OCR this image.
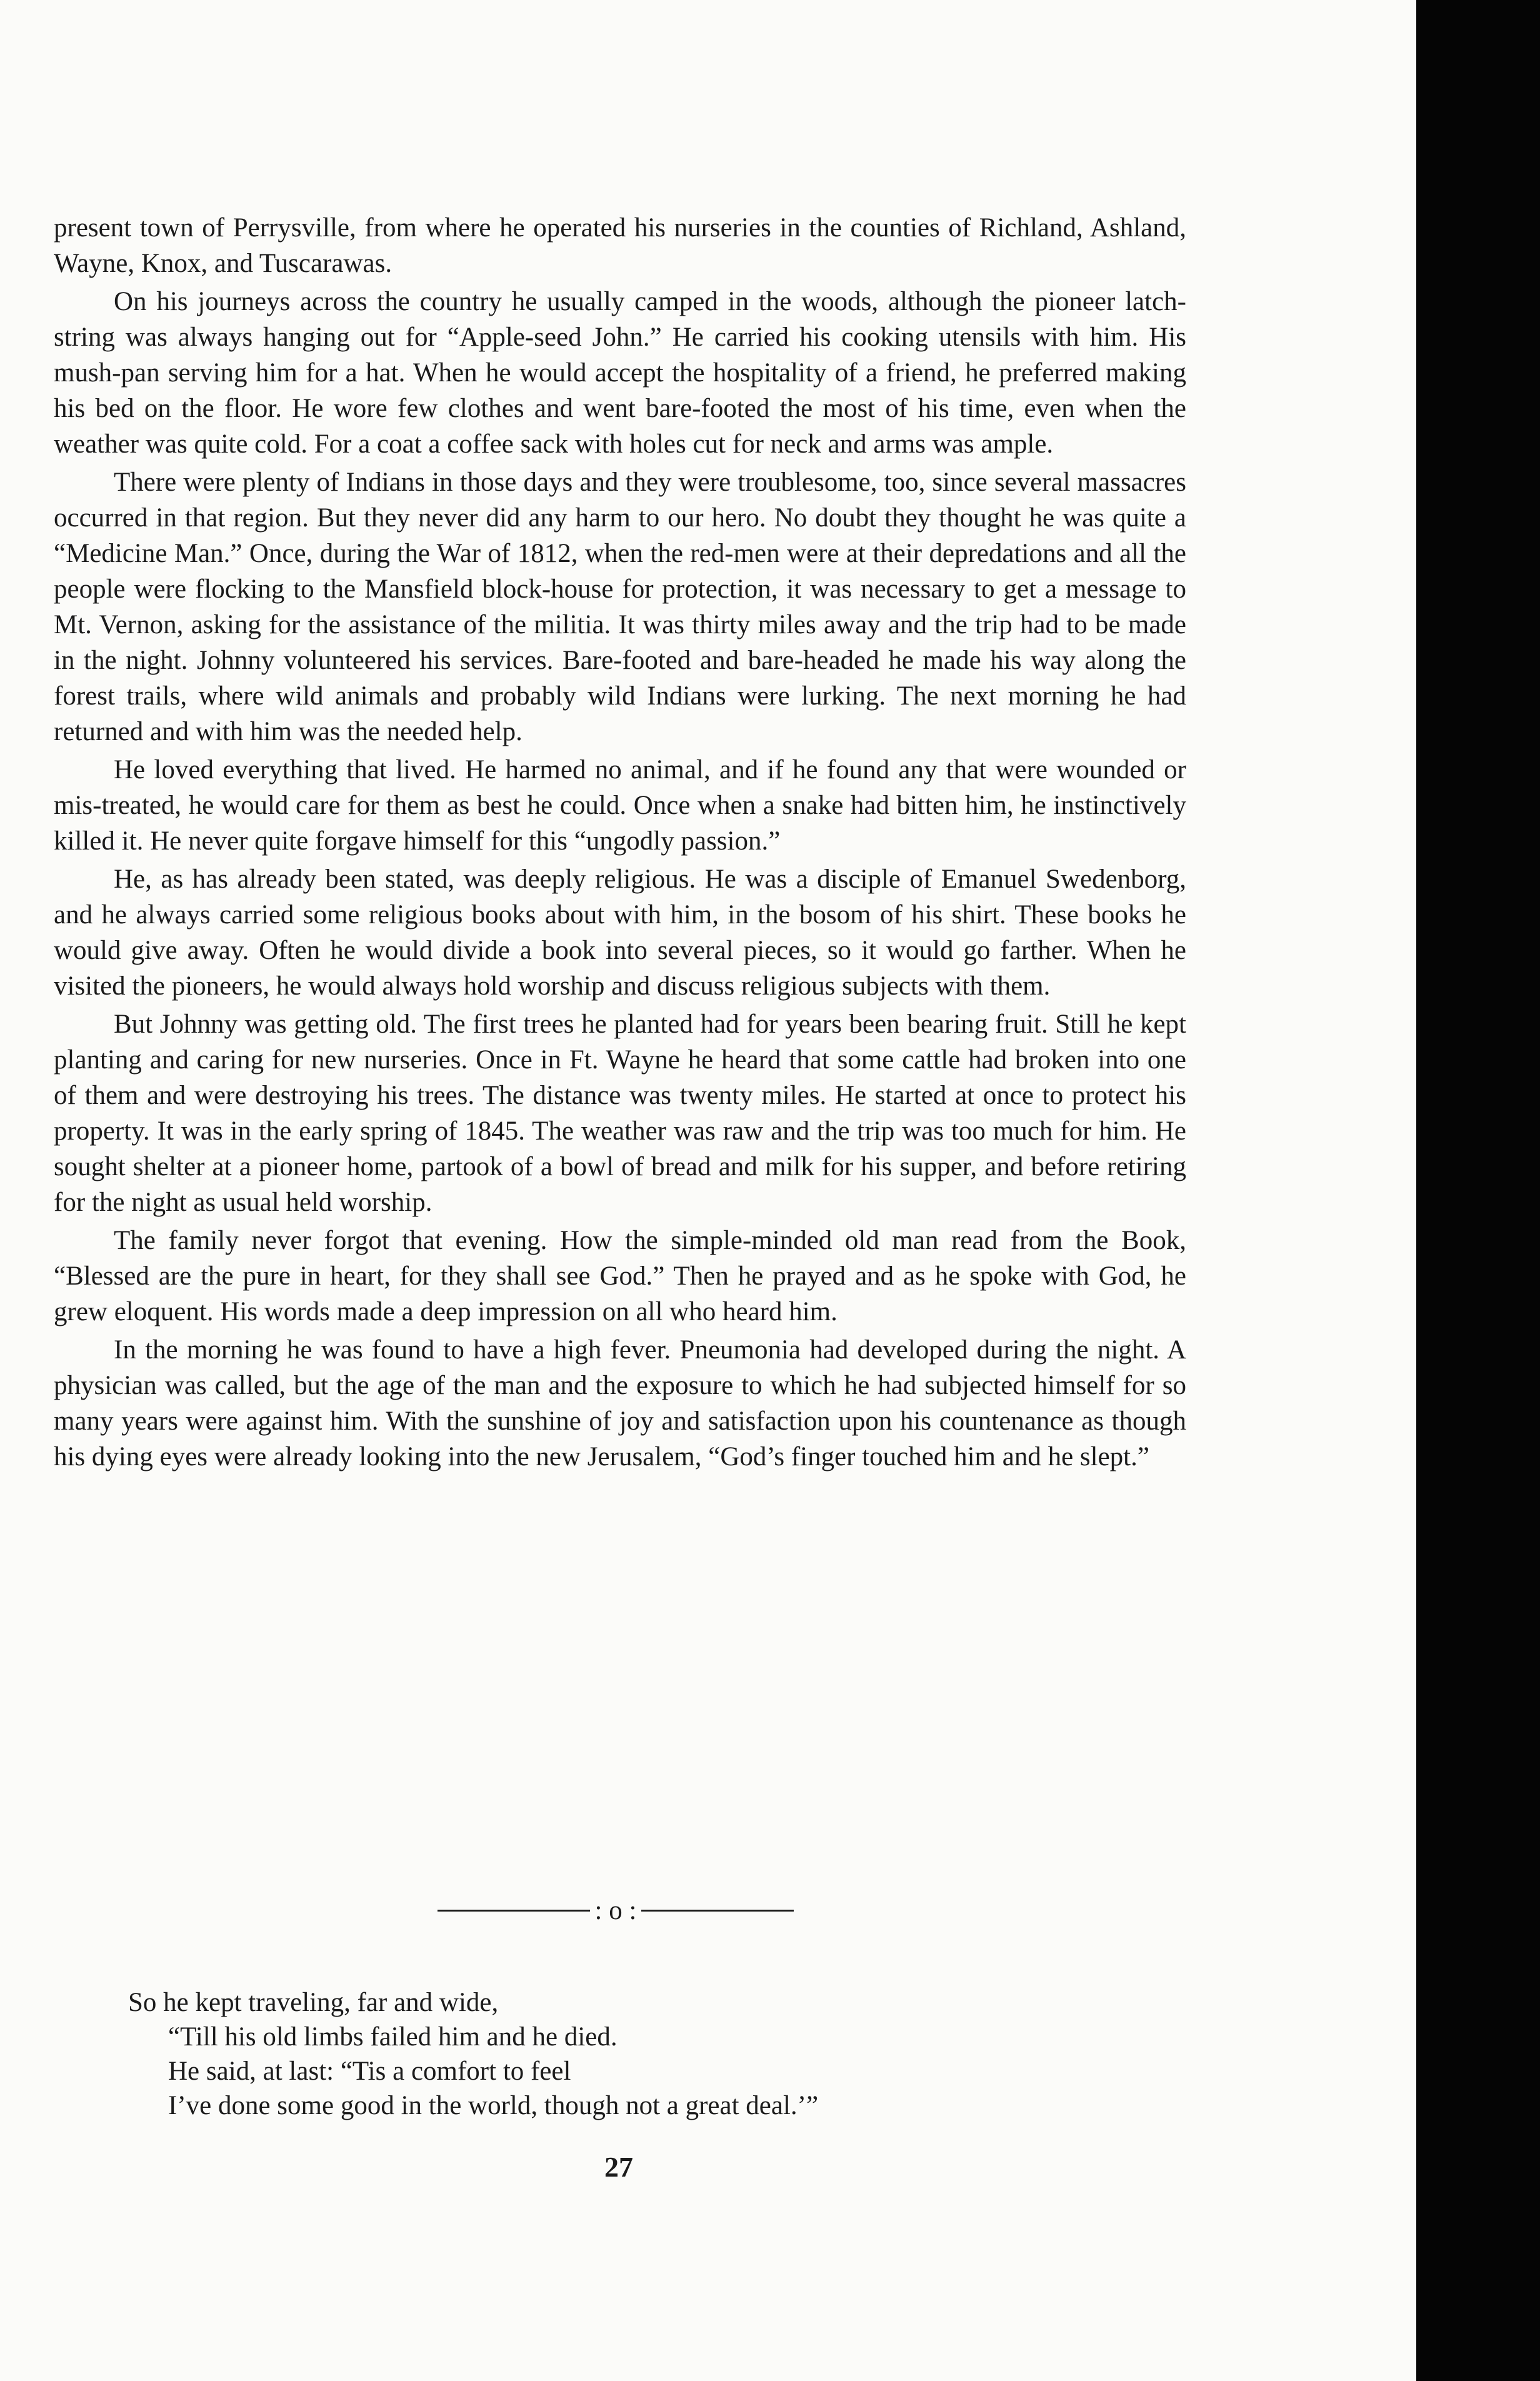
present town of Perrysville, from where he operated his nurseries in the counties of Richland, Ashland, Wayne, Knox, and Tuscarawas.

On his journeys across the country he usually camped in the woods, although the pioneer latch-string was always hanging out for “Apple-seed John.” He carried his cooking utensils with him. His mush-pan serving him for a hat. When he would accept the hospitality of a friend, he preferred making his bed on the floor. He wore few clothes and went bare-footed the most of his time, even when the weather was quite cold. For a coat a coffee sack with holes cut for neck and arms was ample.

There were plenty of Indians in those days and they were troublesome, too, since several massacres occurred in that region. But they never did any harm to our hero. No doubt they thought he was quite a “Medicine Man.” Once, during the War of 1812, when the red-men were at their depredations and all the people were flocking to the Mansfield block-house for protection, it was necessary to get a message to Mt. Vernon, asking for the assistance of the militia. It was thirty miles away and the trip had to be made in the night. Johnny volunteered his services. Bare-footed and bare-headed he made his way along the forest trails, where wild animals and probably wild Indians were lurking. The next morning he had returned and with him was the needed help.

He loved everything that lived. He harmed no animal, and if he found any that were wounded or mis-treated, he would care for them as best he could. Once when a snake had bitten him, he instinctively killed it. He never quite forgave himself for this “ungodly passion.”

He, as has already been stated, was deeply religious. He was a disciple of Emanuel Swedenborg, and he always carried some religious books about with him, in the bosom of his shirt. These books he would give away. Often he would divide a book into several pieces, so it would go farther. When he visited the pioneers, he would always hold worship and discuss religious subjects with them.

But Johnny was getting old. The first trees he planted had for years been bearing fruit. Still he kept planting and caring for new nurseries. Once in Ft. Wayne he heard that some cattle had broken into one of them and were destroying his trees. The distance was twenty miles. He started at once to protect his property. It was in the early spring of 1845. The weather was raw and the trip was too much for him. He sought shelter at a pioneer home, partook of a bowl of bread and milk for his supper, and before retiring for the night as usual held worship.

The family never forgot that evening. How the simple-minded old man read from the Book, “Blessed are the pure in heart, for they shall see God.” Then he prayed and as he spoke with God, he grew eloquent. His words made a deep impression on all who heard him.

In the morning he was found to have a high fever. Pneumonia had developed during the night. A physician was called, but the age of the man and the exposure to which he had subjected himself for so many years were against him. With the sunshine of joy and satisfaction upon his countenance as though his dying eyes were already looking into the new Jerusalem, “God’s finger touched him and he slept.”

: o :
So he kept traveling, far and wide,
“Till his old limbs failed him and he died.
He said, at last: “Tis a comfort to feel
I’ve done some good in the world, though not a great deal.’”
27
